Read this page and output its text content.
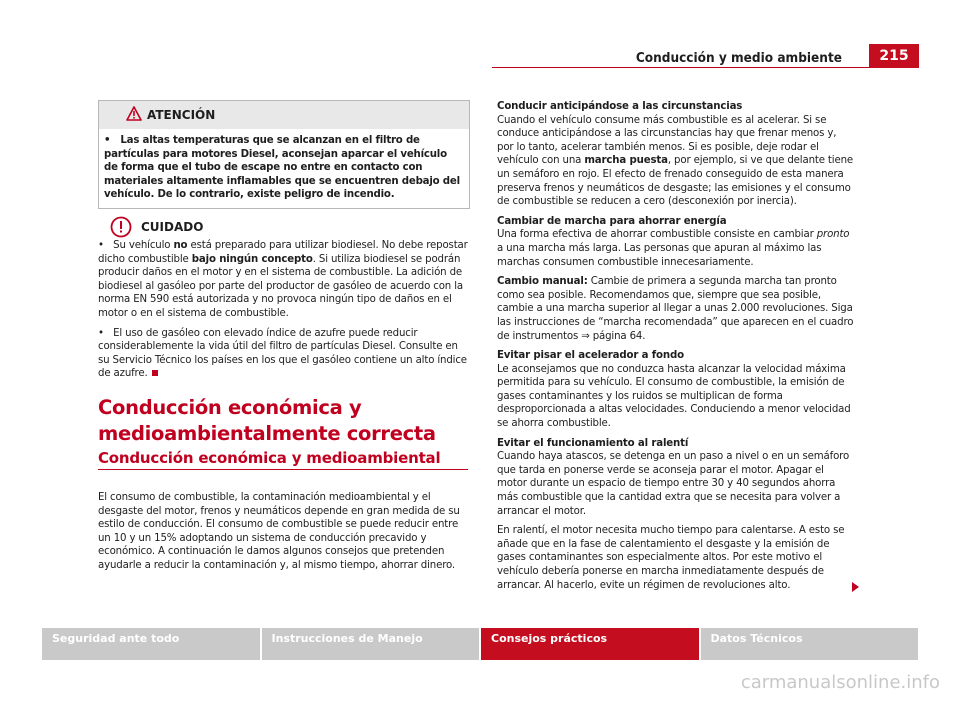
Conducción y medio ambiente	215
ATENCIÓN
• Las altas temperaturas que se alcanzan en el filtro de partículas para motores Diesel, aconsejan aparcar el vehículo de forma que el tubo de escape no entre en contacto con materiales altamente inflamables que se encuentren debajo del vehículo. De lo contrario, existe peligro de incendio.
CUIDADO

•   Su vehículo no está preparado para utilizar biodiesel. No debe repostar dicho combustible bajo ningún concepto. Si utiliza biodiesel se podrán producir daños en el motor y en el sistema de combustible. La adición de biodiesel al gasóleo por parte del productor de gasóleo de acuerdo con la norma EN 590 está autorizada y no provoca ningún tipo de daños en el motor o en el sistema de combustible.

•   El uso de gasóleo con elevado índice de azufre puede reducir considerablemente la vida útil del filtro de partículas Diesel. Consulte en su Servicio Técnico los países en los que el gasóleo contiene un alto índice de azufre.

Conducción económica y medioambientalmente correcta
Conducción económica y medioambiental

El consumo de combustible, la contaminación medioambiental y el desgaste del motor, frenos y neumáticos depende en gran medida de su estilo de conducción. El consumo de combustible se puede reducir entre un 10 y un 15% adoptando un sistema de conducción precavido y económico. A continuación le damos algunos consejos que pretenden ayudarle a reducir la contaminación y, al mismo tiempo, ahorrar dinero.

Conducir anticipándose a las circunstancias
Cuando el vehículo consume más combustible es al acelerar. Si se conduce anticipándose a las circunstancias hay que frenar menos y, por lo tanto, acelerar también menos. Si es posible, deje rodar el vehículo con una marcha puesta, por ejemplo, si ve que delante tiene un semáforo en rojo. El efecto de frenado conseguido de esta manera preserva frenos y neumáticos de desgaste; las emisiones y el consumo de combustible se reducen a cero (desconexión por inercia).

Cambiar de marcha para ahorrar energía
Una forma efectiva de ahorrar combustible consiste en cambiar pronto a una marcha más larga. Las personas que apuran al máximo las marchas consumen combustible innecesariamente.

Cambio manual: Cambie de primera a segunda marcha tan pronto como sea posible. Recomendamos que, siempre que sea posible, cambie a una marcha superior al llegar a unas 2.000 revoluciones. Siga las instrucciones de “marcha recomendada” que aparecen en el cuadro de instrumentos ⇒ página 64.

Evitar pisar el acelerador a fondo
Le aconsejamos que no conduzca hasta alcanzar la velocidad máxima permitida para su vehículo. El consumo de combustible, la emisión de gases contaminantes y los ruidos se multiplican de forma desproporcionada a altas velocidades. Conduciendo a menor velocidad se ahorra combustible.

Evitar el funcionamiento al ralentí
Cuando haya atascos, se detenga en un paso a nivel o en un semáforo que tarda en ponerse verde se aconseja parar el motor. Apagar el motor durante un espacio de tiempo entre 30 y 40 segundos ahorra más combustible que la cantidad extra que se necesita para volver a arrancar el motor.

En ralentí, el motor necesita mucho tiempo para calentarse. A esto se añade que en la fase de calentamiento el desgaste y la emisión de gases contaminantes son especialmente altos. Por este motivo el vehículo debería ponerse en marcha inmediatamente después de arrancar. Al hacerlo, evite un régimen de revoluciones alto.

Seguridad ante todo	Instrucciones de Manejo	Consejos prácticos	Datos Técnicos
carmanualsonline.info
